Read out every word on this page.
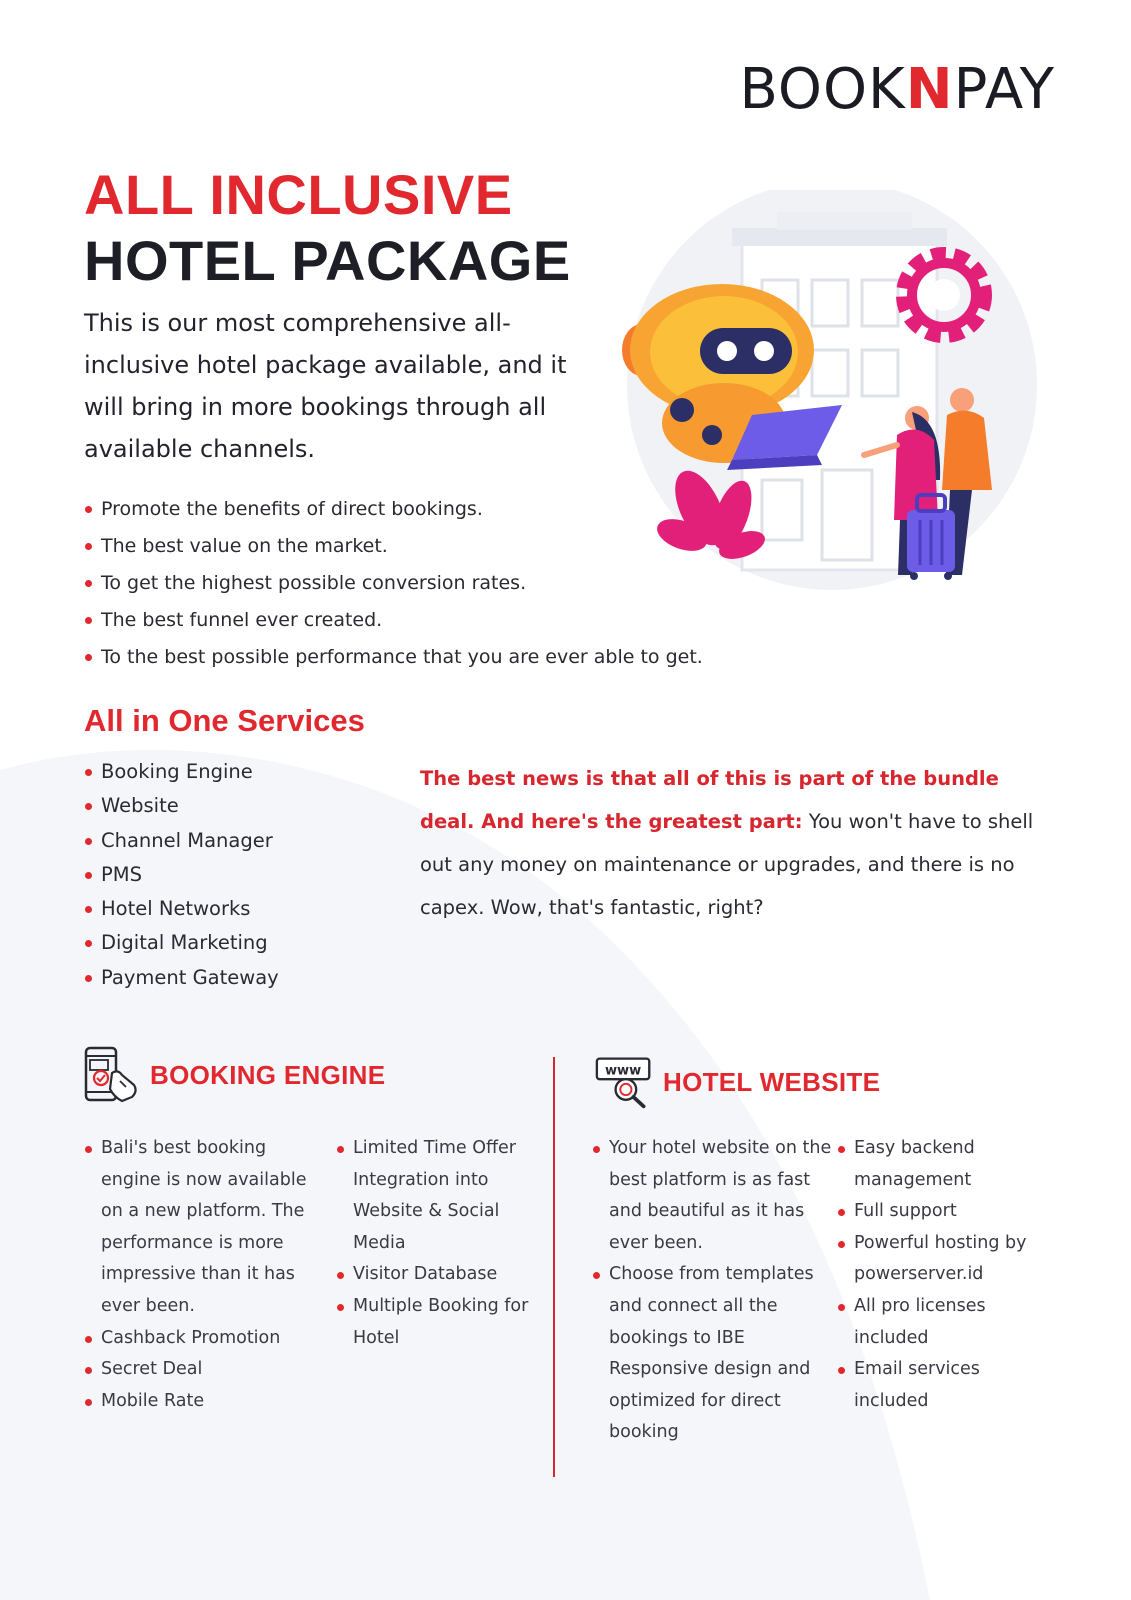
BOOKNPAY
ALL INCLUSIVE
HOTEL PACKAGE

This is our most comprehensive all-inclusive hotel package available, and it will bring in more bookings through all available channels.

Promote the benefits of direct bookings.
The best value on the market.
To get the highest possible conversion rates.
The best funnel ever created.
To the best possible performance that you are ever able to get.
All in One Services
Booking Engine
Website
Channel Manager
PMS
Hotel Networks
Digital Marketing
Payment Gateway

The best news is that all of this is part of the bundle deal. And here's the greatest part: You won't have to shell out any money on maintenance or upgrades, and there is no capex. Wow, that's fantastic, right?

BOOKING ENGINE
Bali's best booking engine is now available on a new platform. The performance is more impressive than it has ever been.
Cashback Promotion
Secret Deal
Mobile Rate
Limited Time Offer Integration into Website & Social Media
Visitor Database
Multiple Booking for Hotel
www HOTEL WEBSITE
Your hotel website on the best platform is as fast and beautiful as it has ever been.
Choose from templates and connect all the bookings to IBE Responsive design and optimized for direct booking
Easy backend management
Full support
Powerful hosting by powerserver.id
All pro licenses included
Email services included
